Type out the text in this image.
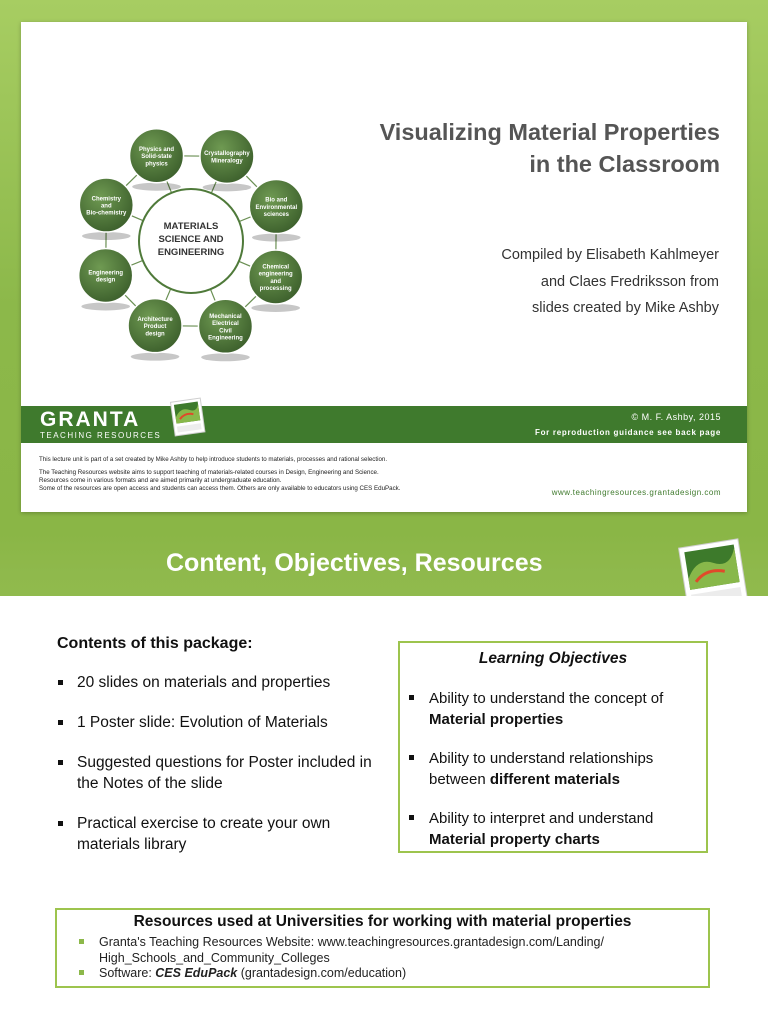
MATERIALS
SCIENCE AND
ENGINEERING
Physics and
Solid-state
physics
Crystallography
Mineralogy
Bio and
Environmental
sciences
Chemical
engineering
and
processing
Mechanical
Electrical
Civil
Engineering
Architecture
Product
design
Engineering
design
Chemistry
and
Bio-chemistry
Visualizing Material Properties
in the Classroom
Compiled by Elisabeth Kahlmeyer
and Claes Fredriksson from
slides created by Mike Ashby
GRANTA
TEACHING RESOURCES
© M. F. Ashby, 2015
For reproduction guidance see back page

This lecture unit is part of a set created by Mike Ashby to help introduce students to materials, processes and rational selection.

The Teaching Resources website aims to support teaching of materials-related courses in Design, Engineering and Science.

Resources come in various formats and are aimed primarily at undergraduate education.

Some of the resources are open access and students can access them. Others are only available to educators using CES EduPack.	www.teachingresources.grantadesign.com
Content, Objectives, Resources
Contents of this package:
20 slides on materials and properties
1 Poster slide: Evolution of Materials
Suggested questions for Poster included in the Notes of the slide
Practical exercise to create your own materials library
Learning Objectives
Ability to understand the concept of Material properties
Ability to understand relationships between different materials
Ability to interpret and understand Material property charts
Resources used at Universities for working with material properties
Granta's Teaching Resources Website: www.teachingresources.grantadesign.com/Landing/
High_Schools_and_Community_Colleges
Software: CES EduPack (grantadesign.com/education)
